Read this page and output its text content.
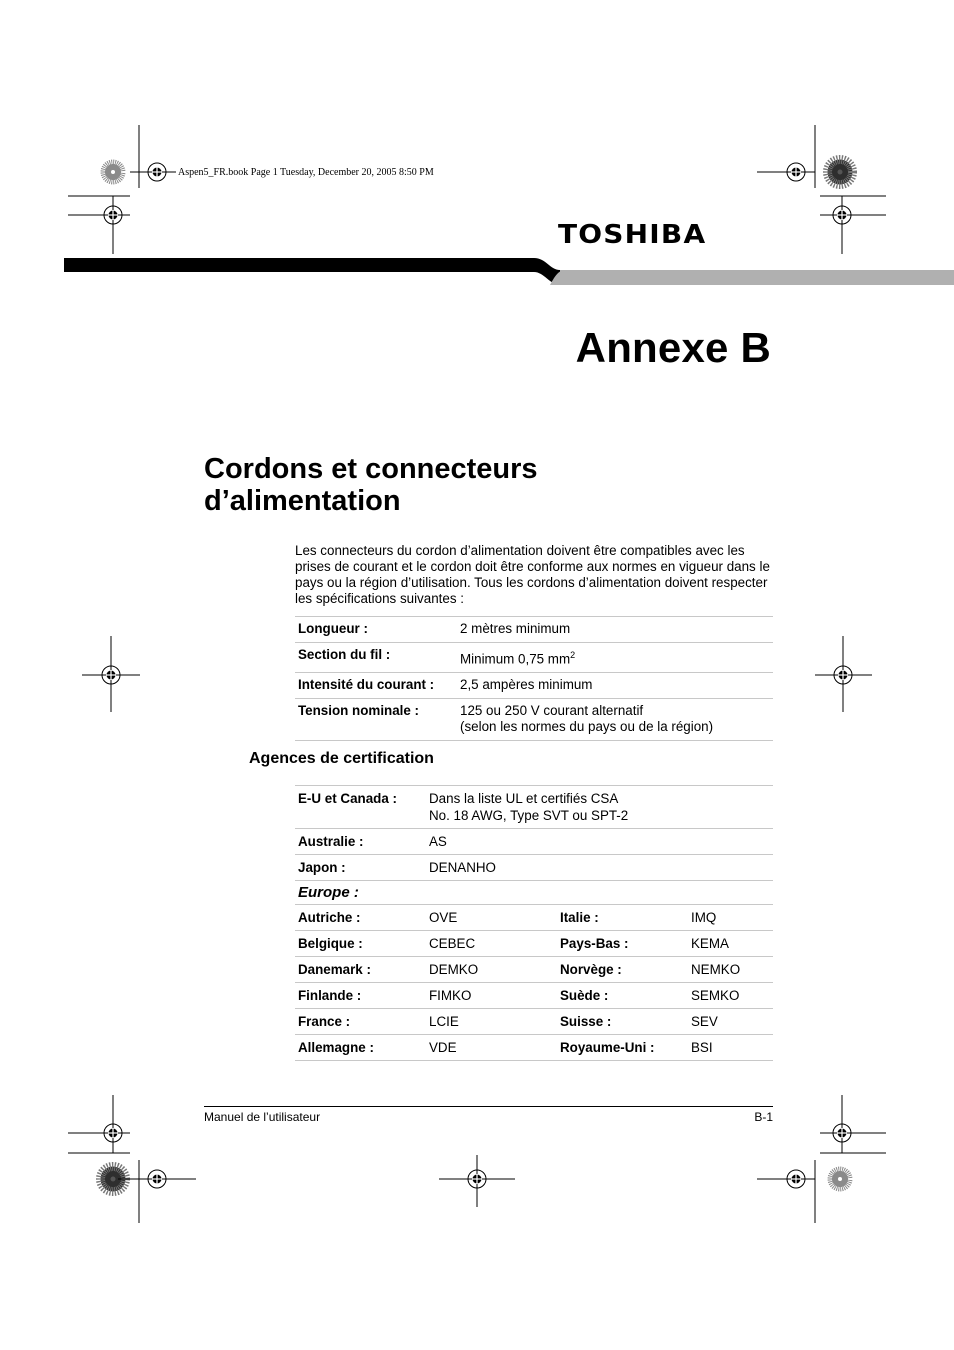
Aspen5_FR.book Page 1 Tuesday, December 20, 2005 8:50 PM
TOSHIBA
Annexe B
Cordons et connecteurs
d’alimentation

Les connecteurs du cordon d’alimentation doivent être compatibles avec les prises de courant et le cordon doit être conforme aux normes en vigueur dans le pays ou la région d’utilisation. Tous les cordons d’alimentation doivent respecter les spécifications suivantes :

Longueur :	2 mètres minimum
Section du fil :	Minimum 0,75 $mm^2$
Intensité du courant :	2,5 ampères minimum
Tension nominale :	125 ou 250 V courant alternatif
(selon les normes du pays ou de la région)
Agences de certification
E-U et Canada :	Dans la liste UL et certifiés CSA
No. 18 AWG, Type SVT ou SPT-2		
Australie :	AS		
Japon :	DENANHO		
Europe :			
Autriche :	OVE	Italie :	IMQ
Belgique :	CEBEC	Pays-Bas :	KEMA
Danemark :	DEMKO	Norvège :	NEMKO
Finlande :	FIMKO	Suède :	SEMKO
France :	LCIE	Suisse :	SEV
Allemagne :	VDE	Royaume-Uni :	BSI
Manuel de l’utilisateur	B-1
